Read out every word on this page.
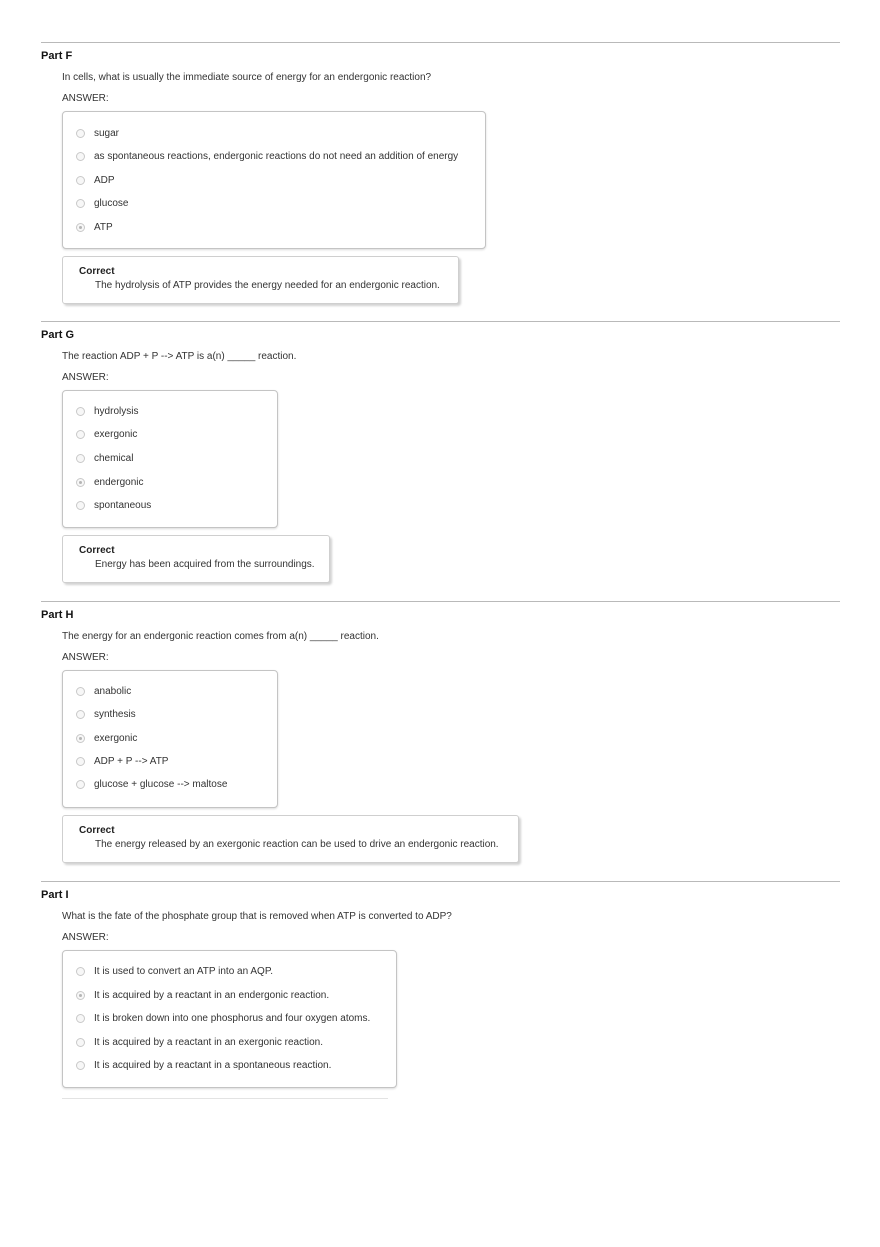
Part F
In cells, what is usually the immediate source of energy for an endergonic reaction?
ANSWER:
sugar
as spontaneous reactions, endergonic reactions do not need an addition of energy
ADP
glucose
ATP
Correct
The hydrolysis of ATP provides the energy needed for an endergonic reaction.
Part G
The reaction ADP + P --> ATP is a(n) _____ reaction.
ANSWER:
hydrolysis
exergonic
chemical
endergonic
spontaneous
Correct
Energy has been acquired from the surroundings.
Part H
The energy for an endergonic reaction comes from a(n) _____ reaction.
ANSWER:
anabolic
synthesis
exergonic
ADP + P --> ATP
glucose + glucose --> maltose
Correct
The energy released by an exergonic reaction can be used to drive an endergonic reaction.
Part I
What is the fate of the phosphate group that is removed when ATP is converted to ADP?
ANSWER:
It is used to convert an ATP into an AQP.
It is acquired by a reactant in an endergonic reaction.
It is broken down into one phosphorus and four oxygen atoms.
It is acquired by a reactant in an exergonic reaction.
It is acquired by a reactant in a spontaneous reaction.
